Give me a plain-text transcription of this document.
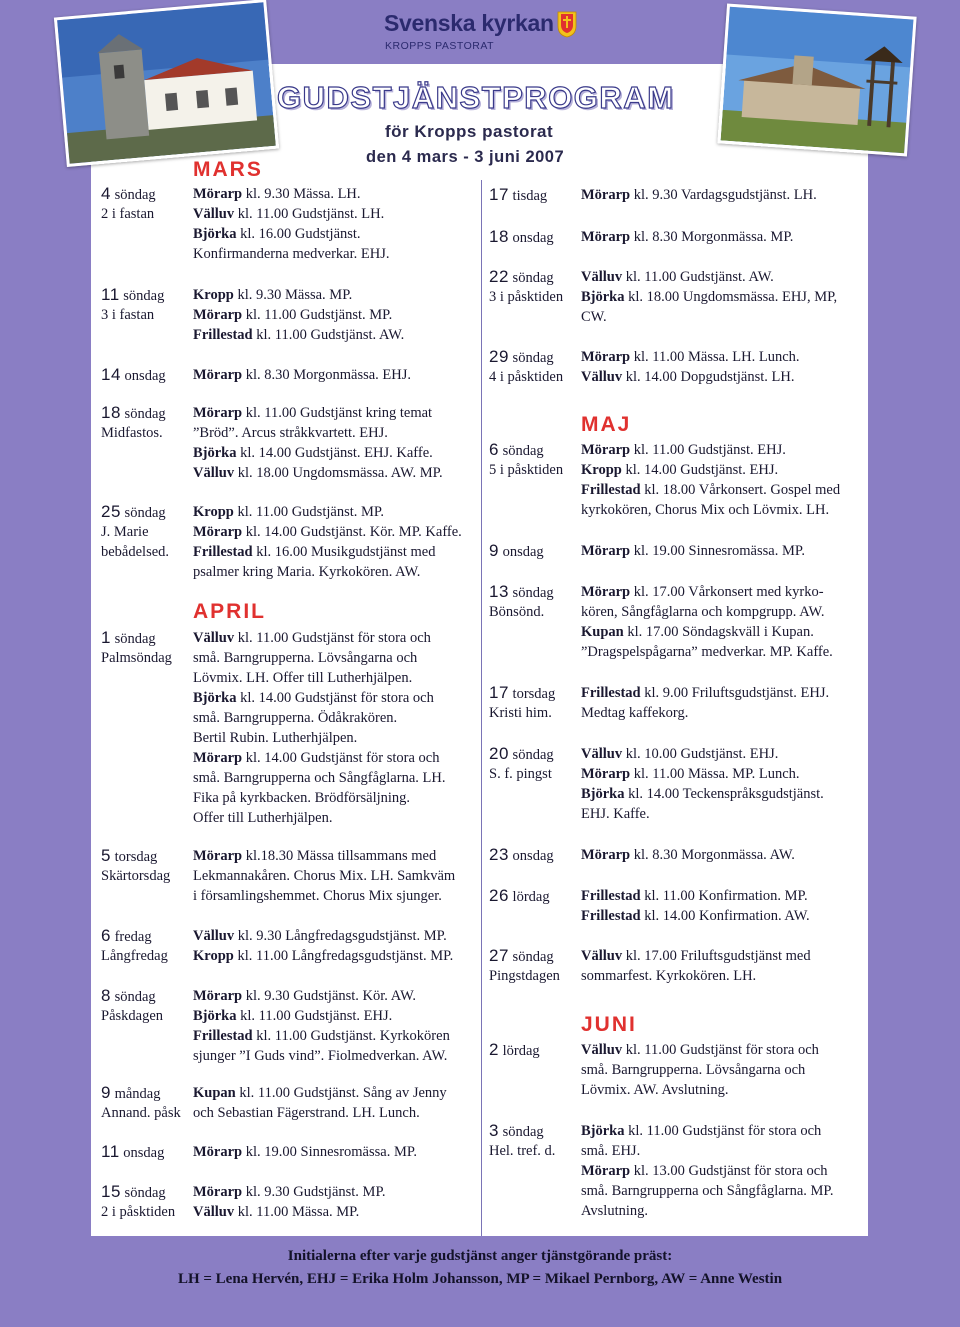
Svenska kyrkan
KROPPS PASTORAT
GUDSTJÄNSTPROGRAM
för Kropps pastorat
den 4 mars - 3 juni 2007
MARS
APRIL
MAJ
JUNI
4 söndag
2 i fastan
Mörarp kl. 9.30 Mässa. LH.
Välluv kl. 11.00 Gudstjänst. LH.
Björka kl. 16.00 Gudstjänst.
Konfirmanderna medverkar. EHJ.
11 söndag
3 i fastan
Kropp kl. 9.30 Mässa. MP.
Mörarp kl. 11.00 Gudstjänst. MP.
Frillestad kl. 11.00 Gudstjänst. AW.
14 onsdag Mörarp kl. 8.30 Morgonmässa. EHJ.
18 söndag
Midfastos.
Mörarp kl. 11.00 Gudstjänst kring temat
”Bröd”. Arcus stråkkvartett. EHJ.
Björka kl. 14.00 Gudstjänst. EHJ. Kaffe.
Välluv kl. 18.00 Ungdomsmässa. AW. MP.
25 söndag
J. Marie
bebådelsed.
Kropp kl. 11.00 Gudstjänst. MP.
Mörarp kl. 14.00 Gudstjänst. Kör. MP. Kaffe.
Frillestad kl. 16.00 Musikgudstjänst med
psalmer kring Maria. Kyrkokören. AW.
1 söndag
Palmsöndag
Välluv kl. 11.00 Gudstjänst för stora och
små. Barngrupperna. Lövsångarna och
Lövmix. LH. Offer till Lutherhjälpen.
Björka kl. 14.00 Gudstjänst för stora och
små. Barngrupperna. Ödåkrakören.
Bertil Rubin. Lutherhjälpen.
Mörarp kl. 14.00 Gudstjänst för stora och
små. Barngrupperna och Sångfåglarna. LH.
Fika på kyrkbacken. Brödförsäljning.
Offer till Lutherhjälpen.
5 torsdag
Skärtorsdag
Mörarp kl.18.30 Mässa tillsammans med
Lekmannakåren. Chorus Mix. LH. Samkväm
i församlingshemmet. Chorus Mix sjunger.
6 fredag
Långfredag
Välluv kl. 9.30 Långfredagsgudstjänst. MP.
Kropp kl. 11.00 Långfredagsgudstjänst. MP.
8 söndag
Påskdagen
Mörarp kl. 9.30 Gudstjänst. Kör. AW.
Björka kl. 11.00 Gudstjänst. EHJ.
Frillestad kl. 11.00 Gudstjänst. Kyrkokören
sjunger ”I Guds vind”. Fiolmedverkan. AW.
9 måndag
Annand. påsk
Kupan kl. 11.00 Gudstjänst. Sång av Jenny
och Sebastian Fägerstrand. LH. Lunch.
11 onsdag Mörarp kl. 19.00 Sinnesromässa. MP.
15 söndag
2 i påsktiden
Mörarp kl. 9.30 Gudstjänst. MP.
Välluv kl. 11.00 Mässa. MP.
17 tisdag Mörarp kl. 9.30 Vardagsgudstjänst. LH.
18 onsdag Mörarp kl. 8.30 Morgonmässa. MP.
22 söndag
3 i påsktiden
Välluv kl. 11.00 Gudstjänst. AW.
Björka kl. 18.00 Ungdomsmässa. EHJ, MP,
CW.
29 söndag
4 i påsktiden
Mörarp kl. 11.00 Mässa. LH. Lunch.
Välluv kl. 14.00 Dopgudstjänst. LH.
6 söndag
5 i påsktiden
Mörarp kl. 11.00 Gudstjänst. EHJ.
Kropp kl. 14.00 Gudstjänst. EHJ.
Frillestad kl. 18.00 Vårkonsert. Gospel med
kyrkokören, Chorus Mix och Lövmix. LH.
9 onsdag	Mörarp kl. 19.00 Sinnesromässa. MP.
13 söndag
Bönsönd.
Mörarp kl. 17.00 Vårkonsert med kyrko-
kören, Sångfåglarna och kompgrupp. AW.
Kupan kl. 17.00 Söndagskväll i Kupan.
”Dragspelspågarna” medverkar. MP. Kaffe.
17 torsdag
Kristi him.
Frillestad kl. 9.00 Friluftsgudstjänst. EHJ.
Medtag kaffekorg.
20 söndag
S. f. pingst
Välluv kl. 10.00 Gudstjänst. EHJ.
Mörarp kl. 11.00 Mässa. MP. Lunch.
Björka kl. 14.00 Teckenspråksgudstjänst.
EHJ. Kaffe.
23 onsdag Mörarp kl. 8.30 Morgonmässa. AW.
26 lördag Frillestad kl. 11.00 Konfirmation. MP.
Frillestad kl. 14.00 Konfirmation. AW.
27 söndag
Pingstdagen
Välluv kl. 17.00 Friluftsgudstjänst med
sommarfest. Kyrkokören. LH.
2 lördag	Välluv kl. 11.00 Gudstjänst för stora och
små. Barngrupperna. Lövsångarna och
Lövmix. AW. Avslutning.
3 söndag
Hel. tref. d.
Björka kl. 11.00 Gudstjänst för stora och
små. EHJ.
Mörarp kl. 13.00 Gudstjänst för stora och
små. Barngrupperna och Sångfåglarna. MP.
Avslutning.
Initialerna efter varje gudstjänst anger tjänstgörande präst:
LH = Lena Hervén, EHJ = Erika Holm Johansson, MP = Mikael Pernborg, AW = Anne Westin
